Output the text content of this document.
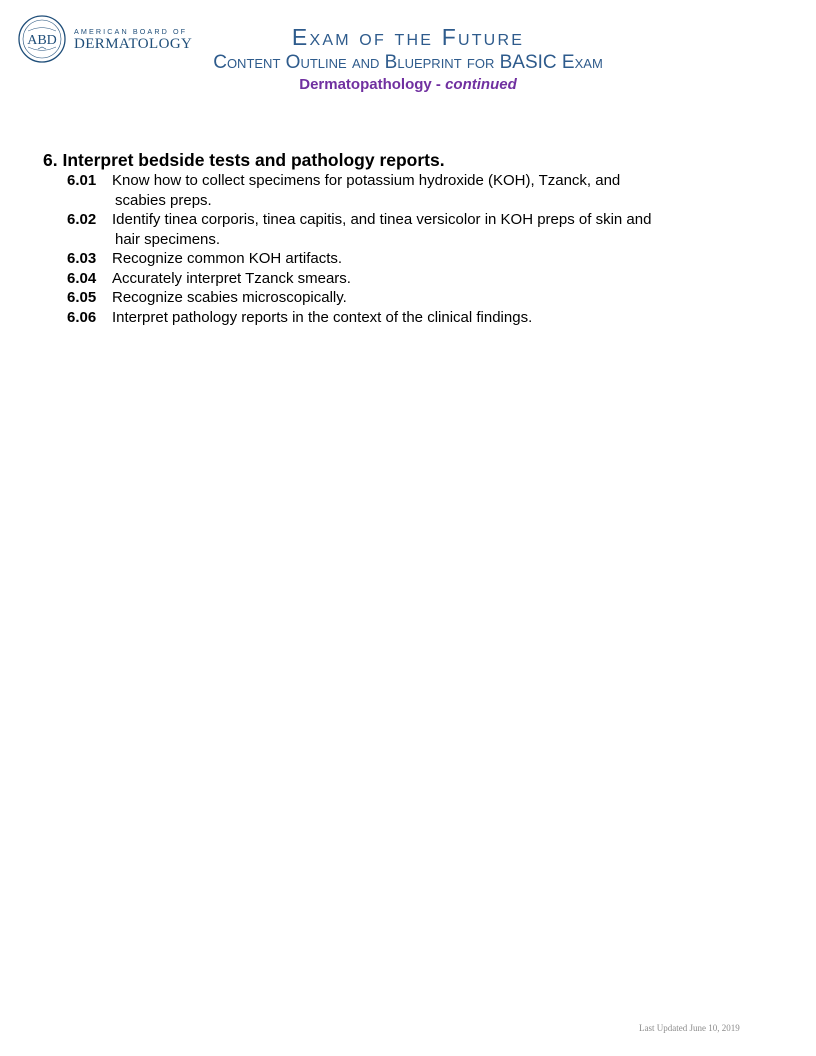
ABD
AMERICAN BOARD OF
DERMATOLOGY	Exam of the Future
Content Outline and Blueprint for BASIC Exam
Dermatopathology - continued
6. Interpret bedside tests and pathology reports.
6.01	Know how to collect specimens for potassium hydroxide (KOH), Tzanck, and
scabies preps.
6.02	Identify tinea corporis, tinea capitis, and tinea versicolor in KOH preps of skin and
hair specimens.
6.03	Recognize common KOH artifacts.
6.04	Accurately interpret Tzanck smears.
6.05	Recognize scabies microscopically.
6.06	Interpret pathology reports in the context of the clinical findings.
Last Updated June 10, 2019
